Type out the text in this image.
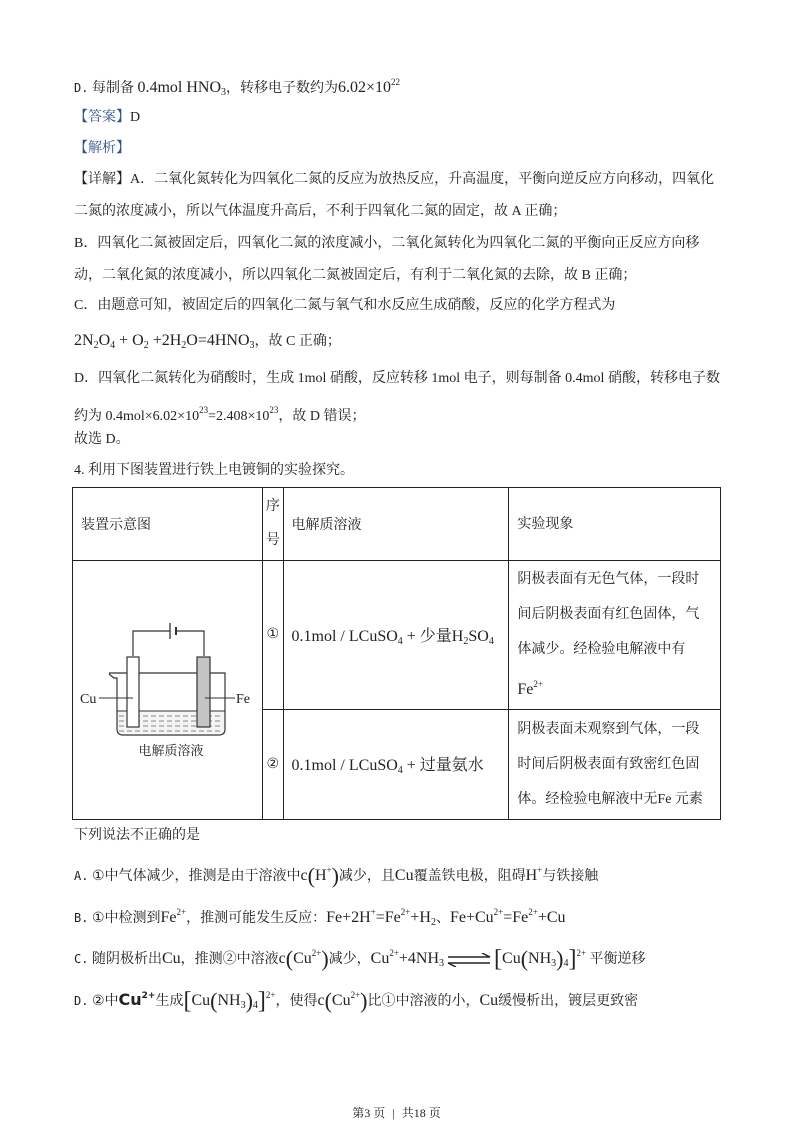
D. 每制备 0.4mol $HNO_3$，转移电子数约为$6.02\times 10^{22}$
【答案】D
【解析】
【详解】A．二氧化氮转化为四氧化二氮的反应为放热反应，升高温度，平衡向逆反应方向移动，四氧化
二氮的浓度减小，所以气体温度升高后，不利于四氧化二氮的固定，故 A 正确；
B．四氧化二氮被固定后，四氧化二氮的浓度减小，二氧化氮转化为四氧化二氮的平衡向正反应方向移
动，二氧化氮的浓度减小，所以四氧化二氮被固定后，有利于二氧化氮的去除，故 B 正确；
C．由题意可知，被固定后的四氧化二氮与氧气和水反应生成硝酸，反应的化学方程式为
$2N_2O_4 + O_2 +2H_2O=4HNO_3$，故 C 正确；
D．四氧化二氮转化为硝酸时，生成 1mol 硝酸，反应转移 1mol 电子，则每制备 0.4mol 硝酸，转移电子数
约为 $0.4mol\times 6.02\times 10^{23}=2.408\times 10^{23}$，故 D 错误；
故选 D。
4. 利用下图装置进行铁上电镀铜的实验探究。
装置示意图	序
号	电解质溶液	实验现象

Cu Fe
电解质溶液	①	0.1mol / LCuSO$_4$ + 少量$H_2SO_4$	阴极表面有无色气体，一段时
间后阴极表面有红色固体，气
体减少。经检验电解液中有
$Fe^{2+}$
	②	0.1mol / LCuSO$_4$ + 过量氨水	阴极表面未观察到气体，一段
时间后阴极表面有致密红色固
体。经检验电解液中无Fe 元素
下列说法不正确的是
A. ①中气体减少，推测是由于溶液中c(H+)减少，且Cu覆盖铁电极，阻碍H+与铁接触
B. ①中检测到$Fe^{2+}$，推测可能发生反应：$Fe+2H^+=Fe^{2+}+H_2$、$Fe+Cu^{2+}=Fe^{2+}+Cu$
C. 随阴极析出Cu，推测②中溶液$c(Cu^{2+})$减少，$Cu^{2+}+4NH_3$ ⇌ $[Cu(NH_3)_4]^{2+}$ 平衡逆移
D. ②中$Cu^{2+}$生成$[Cu(NH_3)_4]^{2+}$，使得$c(Cu^{2+})$比①中溶液的小，Cu缓慢析出，镀层更致密
第3 页 | 共18 页
